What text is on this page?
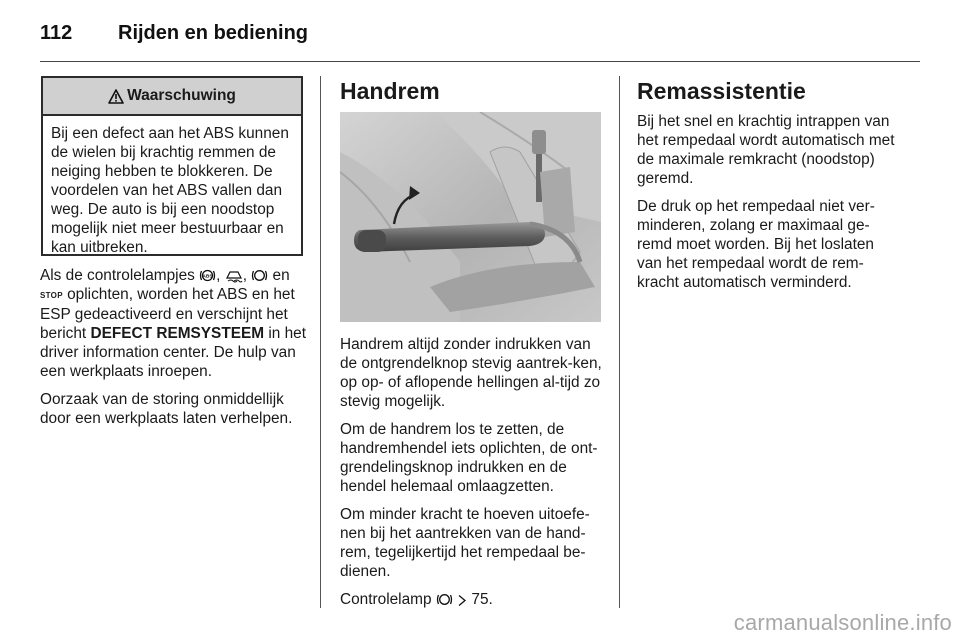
112 Rijden en bediening
Waarschuwing
Bij een defect aan het ABS kunnen de wielen bij krachtig remmen de neiging hebben te blokkeren. De voordelen van het ABS vallen dan weg. De auto is bij een noodstop mogelijk niet meer bestuurbaar en kan uitbreken.

Als de controlelampjes ABS , , en STOP oplichten, worden het ABS en het ESP gedeactiveerd en verschijnt het bericht DEFECT REMSYSTEEM in het driver information center. De hulp van een werkplaats inroepen.

Oorzaak van de storing onmiddellijk door een werkplaats laten verhelpen.

Handrem

Handrem altijd zonder indrukken van de ontgrendelknop stevig aantrek-ken, op op- of aflopende hellingen al-tijd zo stevig mogelijk.

Om de handrem los te zetten, de handremhendel iets oplichten, de ont-grendelingsknop indrukken en de hendel helemaal omlaagzetten.

Om minder kracht te hoeven uitoefe-nen bij het aantrekken van de hand-rem, tegelijkertijd het rempedaal be-dienen.

Controlelamp
	75.

Remassistentie

Bij het snel en krachtig intrappen van het rempedaal wordt automatisch met de maximale remkracht (noodstop) geremd.

De druk op het rempedaal niet ver-minderen, zolang er maximaal ge-remd moet worden. Bij het loslaten van het rempedaal wordt de rem-kracht automatisch verminderd.

carmanualsonline.info
